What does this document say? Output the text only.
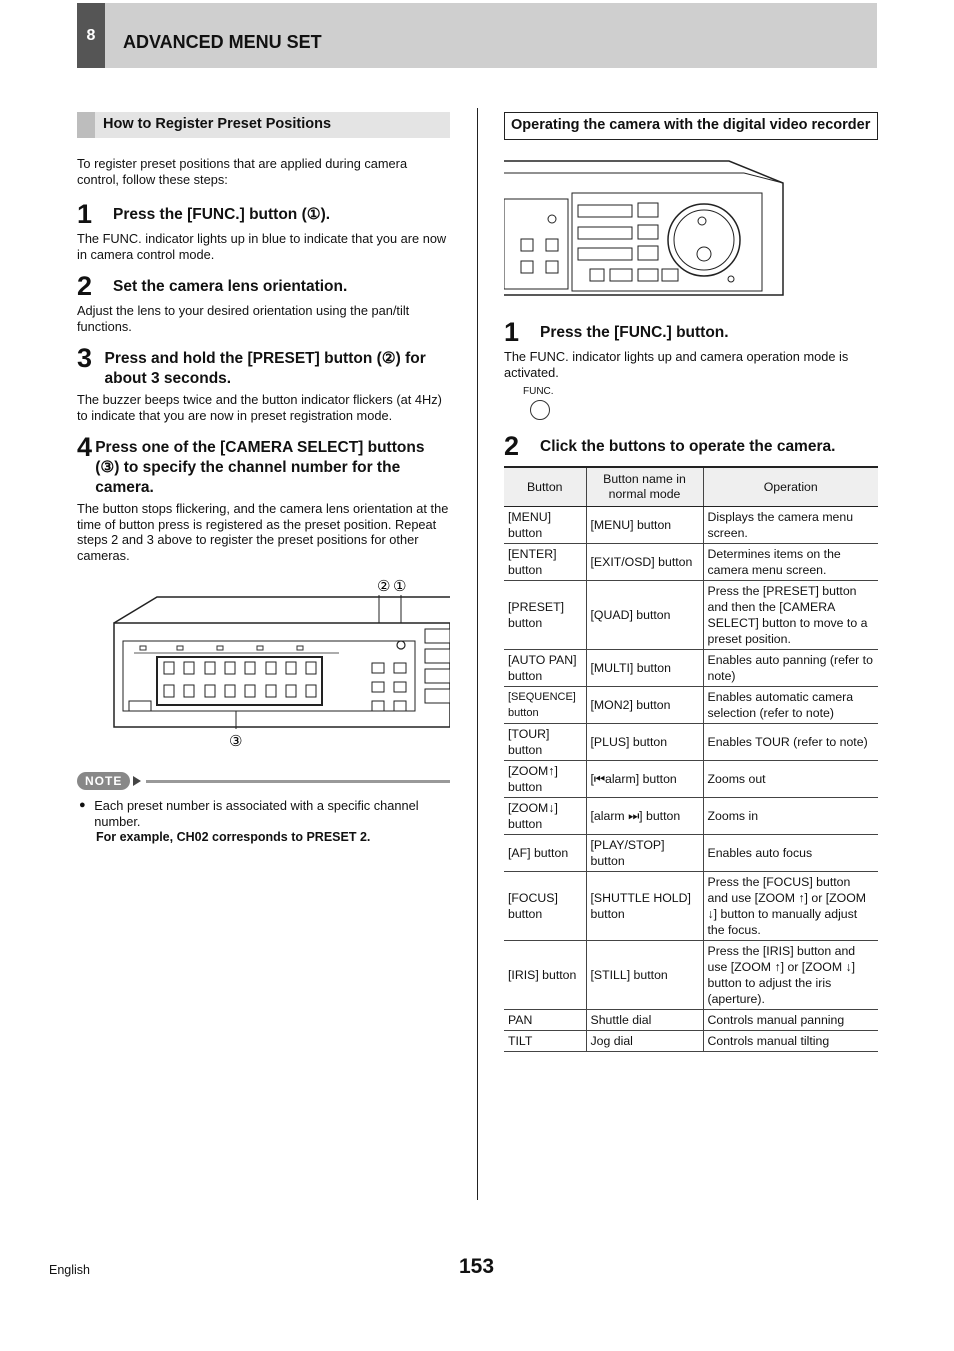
8	ADVANCED MENU SET
How to Register Preset Positions

To register preset positions that are applied during camera control, follow these steps:

1	Press the [FUNC.] button (①).

The FUNC. indicator lights up in blue to indicate that you are now in camera control mode.

2	Set the camera lens orientation.

Adjust the lens to your desired orientation using the pan/tilt functions.

3 Press and hold the [PRESET] button (②) for about 3 seconds.

The buzzer beeps twice and the button indicator flickers (at 4Hz) to indicate that you are now in preset registration mode.

4 Press one of the [CAMERA SELECT] buttons (③) to specify the channel number for the camera.

The button stops flickering, and the camera lens orientation at the time of button press is registered as the preset position. Repeat steps 2 and 3 above to register the preset positions for other cameras.

② ①
③
NOTE
● Each preset number is associated with a specific channel number.

For example, CH02 corresponds to PRESET 2.

Operating the camera with the digital video recorder
1	Press the [FUNC.] button.

The FUNC. indicator lights up and camera operation mode is activated.

FUNC.
2	Click the buttons to operate the camera.
Button	Button name in normal mode	Operation
[MENU] button	[MENU] button	Displays the camera menu screen.
[ENTER] button	[EXIT/OSD] button	Determines items on the camera menu screen.
[PRESET] button	[QUAD] button	Press the [PRESET] button and then the [CAMERA SELECT] button to move to a preset position.
[AUTO PAN] button	[MULTI] button	Enables auto panning (refer to note)
[SEQUENCE] button	[MON2] button	Enables automatic camera selection (refer to note)
[TOUR] button	[PLUS] button	Enables TOUR (refer to note)
[ZOOM↑] button	[⏮alarm] button	Zooms out
[ZOOM↓] button	[alarm ⏭] button	Zooms in
[AF] button	[PLAY/STOP] button	Enables auto focus
[FOCUS] button	[SHUTTLE HOLD] button	Press the [FOCUS] button and use [ZOOM ↑] or [ZOOM ↓] button to manually adjust the focus.
[IRIS] button	[STILL] button	Press the [IRIS] button and use [ZOOM ↑] or [ZOOM ↓] button to adjust the iris (aperture).
PAN	Shuttle dial	Controls manual panning
TILT	Jog dial	Controls manual tilting
English	153
